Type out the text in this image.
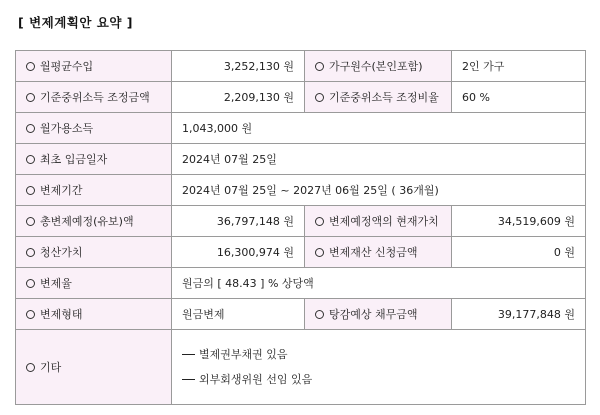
[ 변제계획안 요약 ]
월평균수입	3,252,130 원	가구원수(본인포함)	2인 가구
기준중위소득 조정금액	2,209,130 원	기준중위소득 조정비율	60 %
월가용소득	1,043,000 원		
최초 입금일자	2024년 07월 25일		
변제기간	2024년 07월 25일 ~ 2027년 06월 25일 ( 36개월)		
총변제예정(유보)액	36,797,148 원	변제예정액의 현재가치	34,519,609 원
청산가치	16,300,974 원	변제재산 신청금액	0 원
변제율	원금의 [ 48.43 ] % 상당액		
변제형태	원금변제	탕감예상 채무금액	39,177,848 원
기타	별제권부채권 있음
외부회생위원 선임 있음		
